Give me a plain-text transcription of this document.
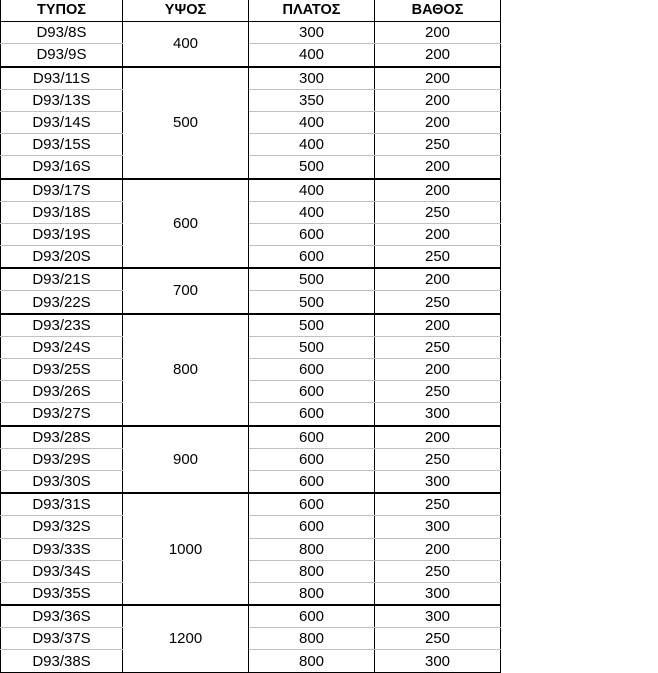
ΤΥΠΟΣ	ΥΨΟΣ	ΠΛΑΤΟΣ	ΒΑΘΟΣ
D93/8S	400	300	200
D93/9S		400	200
D93/11S	500	300	200
D93/13S		350	200
D93/14S		400	200
D93/15S		400	250
D93/16S		500	200
D93/17S	600	400	200
D93/18S		400	250
D93/19S		600	200
D93/20S		600	250
D93/21S	700	500	200
D93/22S		500	250
D93/23S	800	500	200
D93/24S		500	250
D93/25S		600	200
D93/26S		600	250
D93/27S		600	300
D93/28S	900	600	200
D93/29S		600	250
D93/30S		600	300
D93/31S	1000	600	250
D93/32S		600	300
D93/33S		800	200
D93/34S		800	250
D93/35S		800	300
D93/36S	1200	600	300
D93/37S		800	250
D93/38S		800	300
